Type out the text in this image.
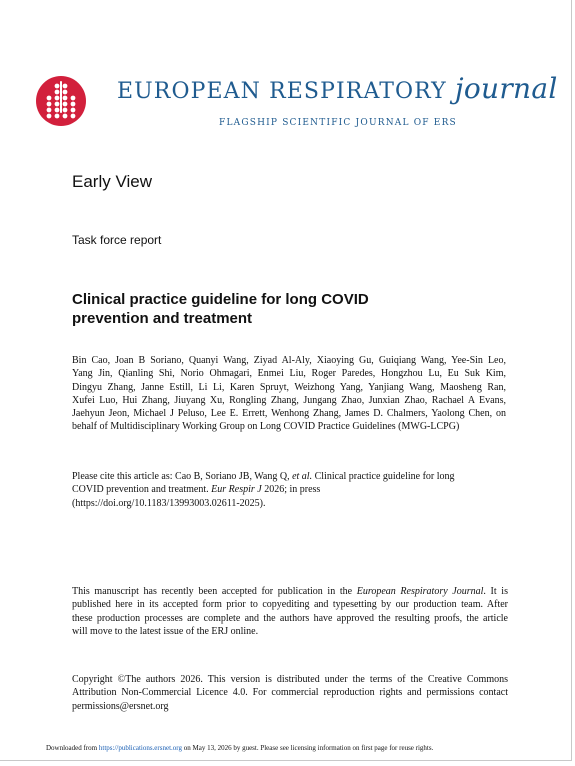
EUROPEAN RESPIRATORY journal
FLAGSHIP SCIENTIFIC JOURNAL OF ERS
Early View
Task force report
Clinical practice guideline for long COVID
prevention and treatment
Bin Cao, Joan B Soriano, Quanyi Wang, Ziyad Al-Aly, Xiaoying Gu, Guiqiang Wang, Yee-Sin Leo,
Yang Jin, Qianling Shi, Norio Ohmagari, Enmei Liu, Roger Paredes, Hongzhou Lu, Eu Suk Kim,
Dingyu Zhang, Janne Estill, Li Li, Karen Spruyt, Weizhong Yang, Yanjiang Wang, Maosheng Ran,
Xufei Luo, Hui Zhang, Jiuyang Xu, Rongling Zhang, Jungang Zhao, Junxian Zhao, Rachael A Evans,
Jaehyun Jeon, Michael J Peluso, Lee E. Errett, Wenhong Zhang, James D. Chalmers, Yaolong Chen, on
behalf of Multidisciplinary Working Group on Long COVID Practice Guidelines (MWG-LCPG)
Please cite this article as: Cao B, Soriano JB, Wang Q, et al. Clinical practice guideline for long
COVID prevention and treatment. Eur Respir J 2026; in press
(https://doi.org/10.1183/13993003.02611-2025).
This manuscript has recently been accepted for publication in the European Respiratory Journal. It is
published here in its accepted form prior to copyediting and typesetting by our production team. After
these production processes are complete and the authors have approved the resulting proofs, the article
will move to the latest issue of the ERJ online.
Copyright ©The authors 2026. This version is distributed under the terms of the Creative Commons
Attribution Non-Commercial Licence 4.0. For commercial reproduction rights and permissions contact
permissions@ersnet.org
Downloaded from https://publications.ersnet.org on May 13, 2026 by guest. Please see licensing information on first page for reuse rights.
